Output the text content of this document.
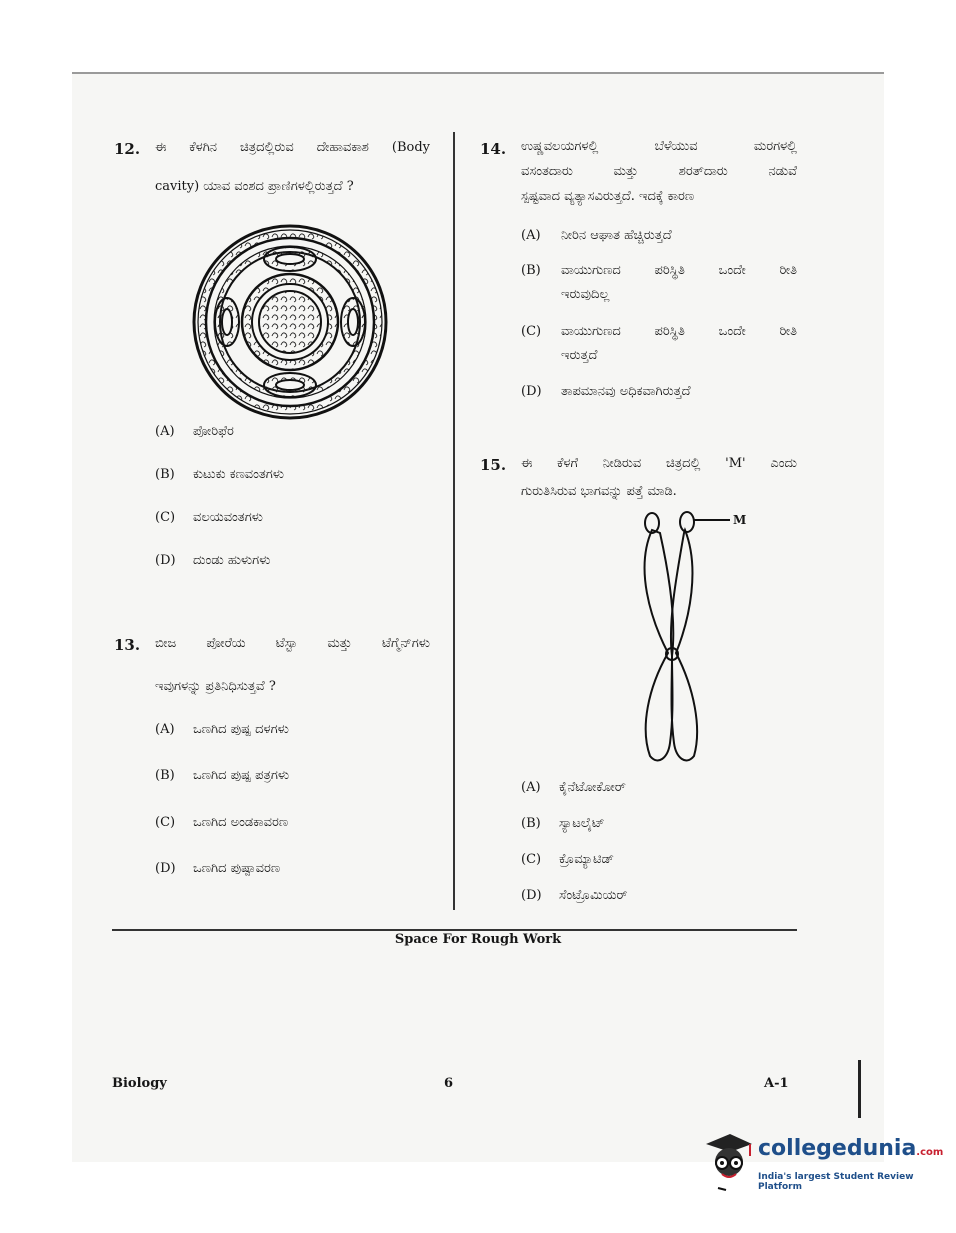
12. ಈ ಕೆಳಗಿನ ಚಿತ್ರದಲ್ಲಿರುವ ದೇಹಾವಕಾಶ (Body
cavity) ಯಾವ ವಂಶದ ಪ್ರಾಣಿಗಳಲ್ಲಿರುತ್ತದೆ ?
(A) ಪೋರಿಫೆರ
(B) ಕುಟುಕು ಕಣವಂತಗಳು
(C) ವಲಯವಂತಗಳು
(D) ದುಂಡು ಹುಳುಗಳು
13. ಬೀಜ ಪೋರೆಯ ಟೆಸ್ಟಾ ಮತ್ತು ಟೆಗ್ಮೆನ್‌ಗಳು
ಇವುಗಳನ್ನು ಪ್ರತಿನಿಧಿಸುತ್ತವೆ ?
(A) ಒಣಗಿದ ಪುಷ್ಪ ದಳಗಳು
(B) ಒಣಗಿದ ಪುಷ್ಪ ಪತ್ರಗಳು
(C) ಒಣಗಿದ ಅಂಡಕಾವರಣ
(D) ಒಣಗಿದ ಪುಷ್ಪಾವರಣ
14. ಉಷ್ಣವಲಯಗಳಲ್ಲಿ ಬೆಳೆಯುವ ಮರಗಳಲ್ಲಿ
ವಸಂತದಾರು ಮತ್ತು ಶರತ್‌ದಾರು ನಡುವೆ
ಸ್ಪಷ್ಟವಾದ ವ್ಯತ್ಯಾಸವಿರುತ್ತದೆ. ಇದಕ್ಕೆ ಕಾರಣ
(A) ನೀರಿನ ಆಘಾತ ಹೆಚ್ಚಿರುತ್ತದೆ
(B) ವಾಯುಗುಣದ ಪರಿಸ್ಥಿತಿ ಒಂದೇ ರೀತಿ
ಇರುವುದಿಲ್ಲ
(C) ವಾಯುಗುಣದ ಪರಿಸ್ಥಿತಿ ಒಂದೇ ರೀತಿ
ಇರುತ್ತದೆ
(D) ತಾಪಮಾನವು ಅಧಿಕವಾಗಿರುತ್ತದೆ
15. ಈ ಕೆಳಗೆ ನೀಡಿರುವ ಚಿತ್ರದಲ್ಲಿ 'M' ಎಂದು
ಗುರುತಿಸಿರುವ ಭಾಗವನ್ನು ಪತ್ತೆ ಮಾಡಿ.
M
(A) ಕೈನೆಟೋಕೋರ್
(B) ಸ್ಯಾಟಲೈಟ್
(C) ಕ್ರೊಮ್ಯಾಟಿಡ್
(D) ಸೆಂಟ್ರೊಮಿಯರ್
Space For Rough Work
Biology	6	A-1
collegedunia.com
India's largest Student Review Platform
